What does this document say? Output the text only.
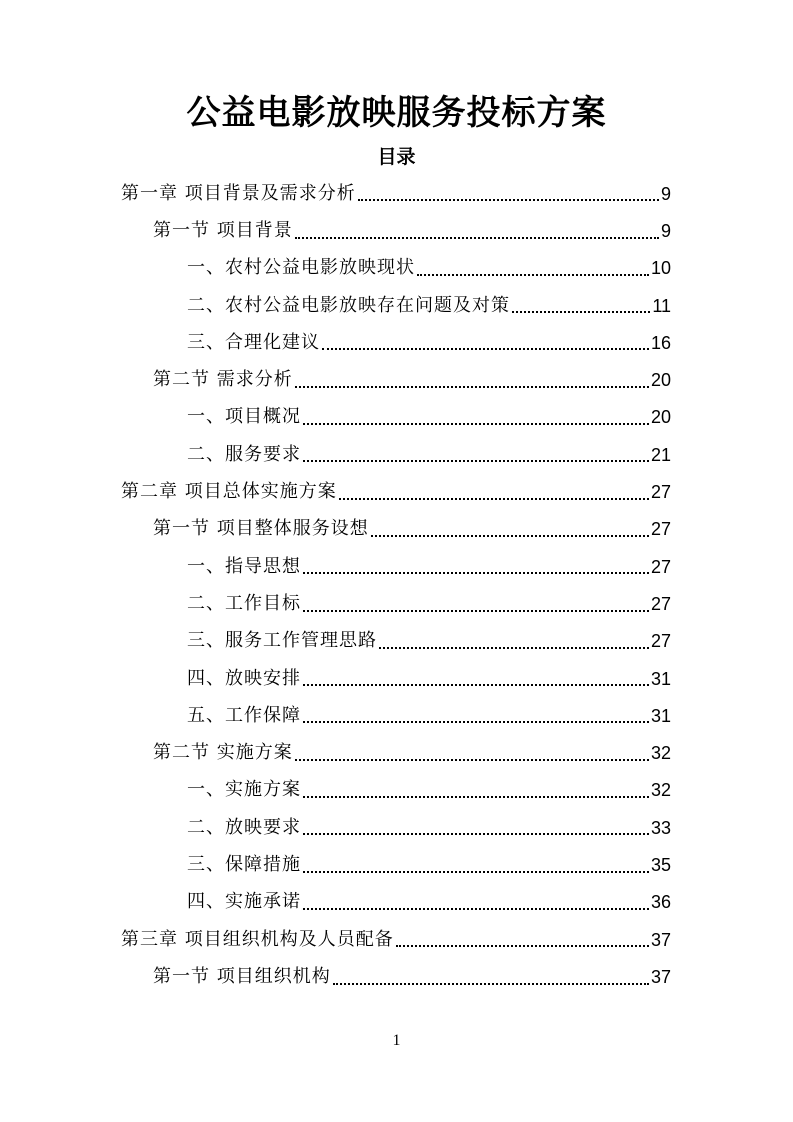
公益电影放映服务投标方案
目录
第一章 项目背景及需求分析	9
第一节 项目背景	9
一、农村公益电影放映现状	10
二、农村公益电影放映存在问题及对策	11
三、合理化建议	16
第二节 需求分析	20
一、项目概况	20
二、服务要求	21
第二章 项目总体实施方案	27
第一节 项目整体服务设想	27
一、指导思想	27
二、工作目标	27
三、服务工作管理思路	27
四、放映安排	31
五、工作保障	31
第二节 实施方案	32
一、实施方案	32
二、放映要求	33
三、保障措施	35
四、实施承诺	36
第三章 项目组织机构及人员配备	37
第一节 项目组织机构	37
1
